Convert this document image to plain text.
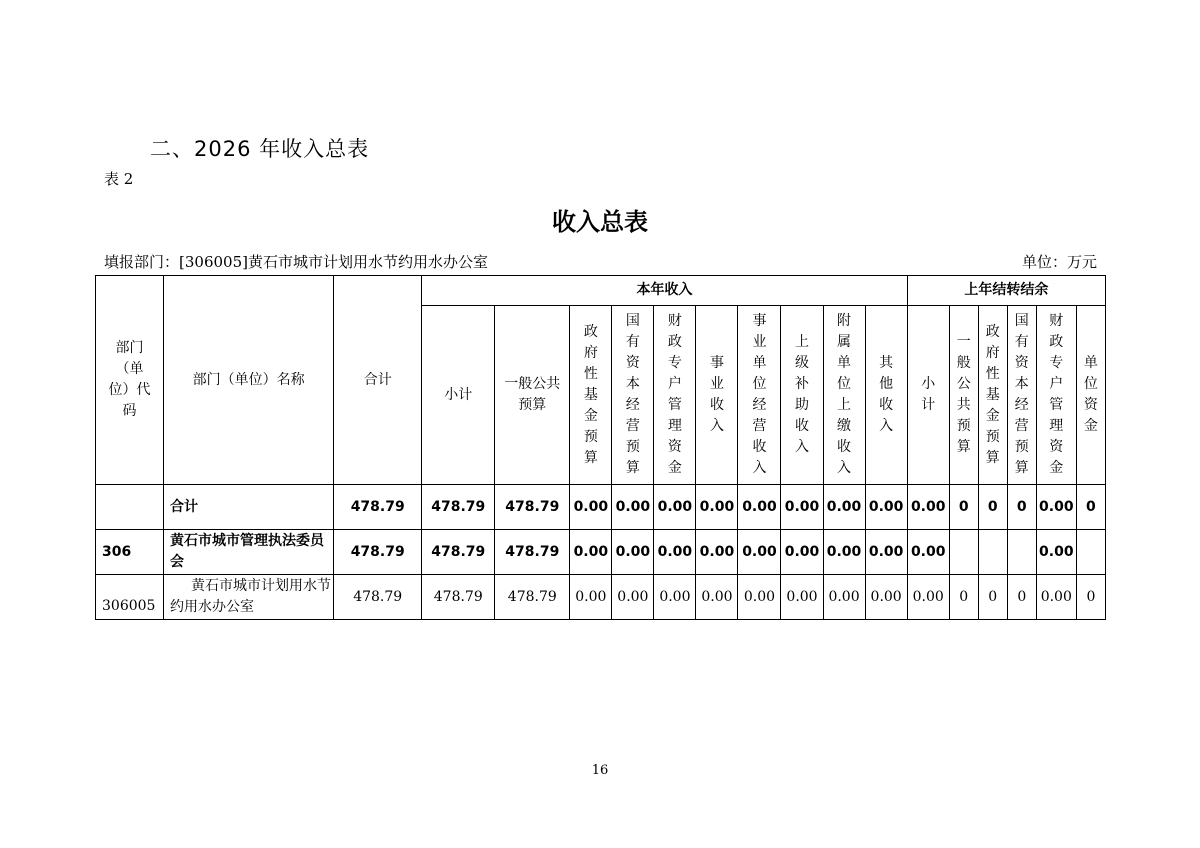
二、2026 年收入总表
表 2
收入总表
填报部门：[306005]黄石市城市计划用水节约用水办公室	单位：万元
部门（单位）代码	部门（单位）名称	合计	本年收入										上年结转结余					
			小计	一般公共预算	政府性基金预算	国有资本经营预算	财政专户管理资金	事业收入	事业单位经营收入	上级补助收入	附属单位上缴收入	其他收入	小计	一般公共预算	政府性基金预算	国有资本经营预算	财政专户管理资金	单位资金
	合计	478.79	478.79	478.79	0.00	0.00	0.00	0.00	0.00	0.00	0.00	0.00	0.00	0	0	0	0.00	0
306	黄石市城市管理执法委员会	478.79	478.79	478.79	0.00	0.00	0.00	0.00	0.00	0.00	0.00	0.00	0.00				0.00	
306005	黄石市城市计划用水节约用水办公室	478.79	478.79	478.79	0.00	0.00	0.00	0.00	0.00	0.00	0.00	0.00	0.00	0	0	0	0.00	0
16
